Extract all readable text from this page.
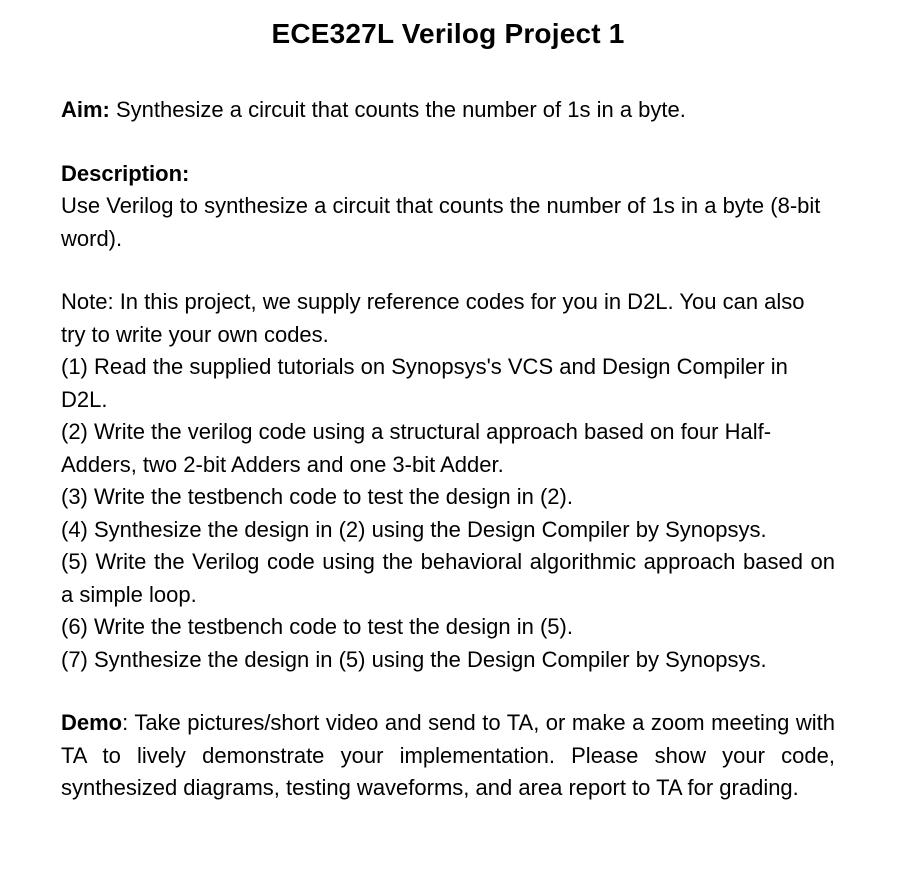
ECE327L Verilog Project 1

Aim: Synthesize a circuit that counts the number of 1s in a byte.

Description:
Use Verilog to synthesize a circuit that counts the number of 1s in a byte (8-bit word).
Note: In this project, we supply reference codes for you in D2L. You can also try to write your own codes.
(1) Read the supplied tutorials on Synopsys's VCS and Design Compiler in D2L.
(2) Write the verilog code using a structural approach based on four Half-Adders, two 2-bit Adders and one 3-bit Adder.
(3) Write the testbench code to test the design in (2).
(4) Synthesize the design in (2) using the Design Compiler by Synopsys.
(5) Write the Verilog code using the behavioral algorithmic approach based on a simple loop.
(6) Write the testbench code to test the design in (5).
(7) Synthesize the design in (5) using the Design Compiler by Synopsys.

Demo: Take pictures/short video and send to TA, or make a zoom meeting with TA to lively demonstrate your implementation. Please show your code, synthesized diagrams, testing waveforms, and area report to TA for grading.
